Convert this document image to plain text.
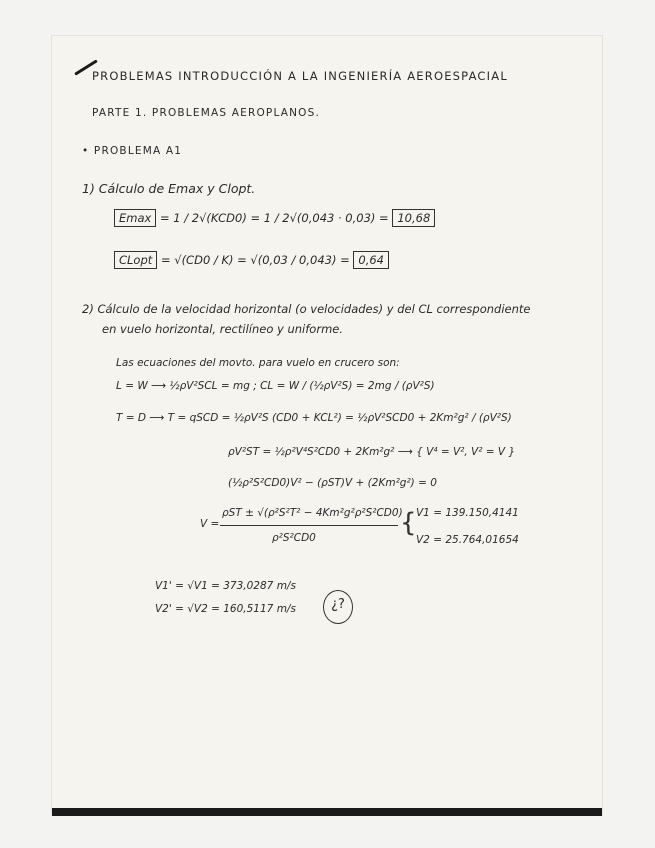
PROBLEMAS INTRODUCCIÓN A LA INGENIERÍA AEROESPACIAL
PARTE 1. PROBLEMAS AEROPLANOS.
• PROBLEMA A1
1) Cálculo de Emax y Clopt.
Emax = 1 / 2√(KCD0) = 1 / 2√(0,043 · 0,03) = 10,68
CLopt = √(CD0 / K) = √(0,03 / 0,043) = 0,64
2) Cálculo de la velocidad horizontal (o velocidades) y del CL correspondiente
en vuelo horizontal, rectilíneo y uniforme.
Las ecuaciones del movto. para vuelo en crucero son:
L = W ⟶ ½ρV²SCL = mg ; CL = W / (½ρV²S) = 2mg / (ρV²S)
T = D ⟶ T = qSCD = ½ρV²S (CD0 + KCL²) = ½ρV²SCD0 + 2Km²g² / (ρV²S)
ρV²ST = ½ρ²V⁴S²CD0 + 2Km²g² ⟶ { V⁴ = V², V² = V }
(½ρ²S²CD0)V² − (ρST)V + (2Km²g²) = 0
V =
ρST ± √(ρ²S²T² − 4Km²g²ρ²S²CD0)
ρ²S²CD0	{ V1 = 139.150,4141
V2 = 25.764,01654
V1' = √V1 = 373,0287 m/s
V2' = √V2 = 160,5117 m/s	¿?
